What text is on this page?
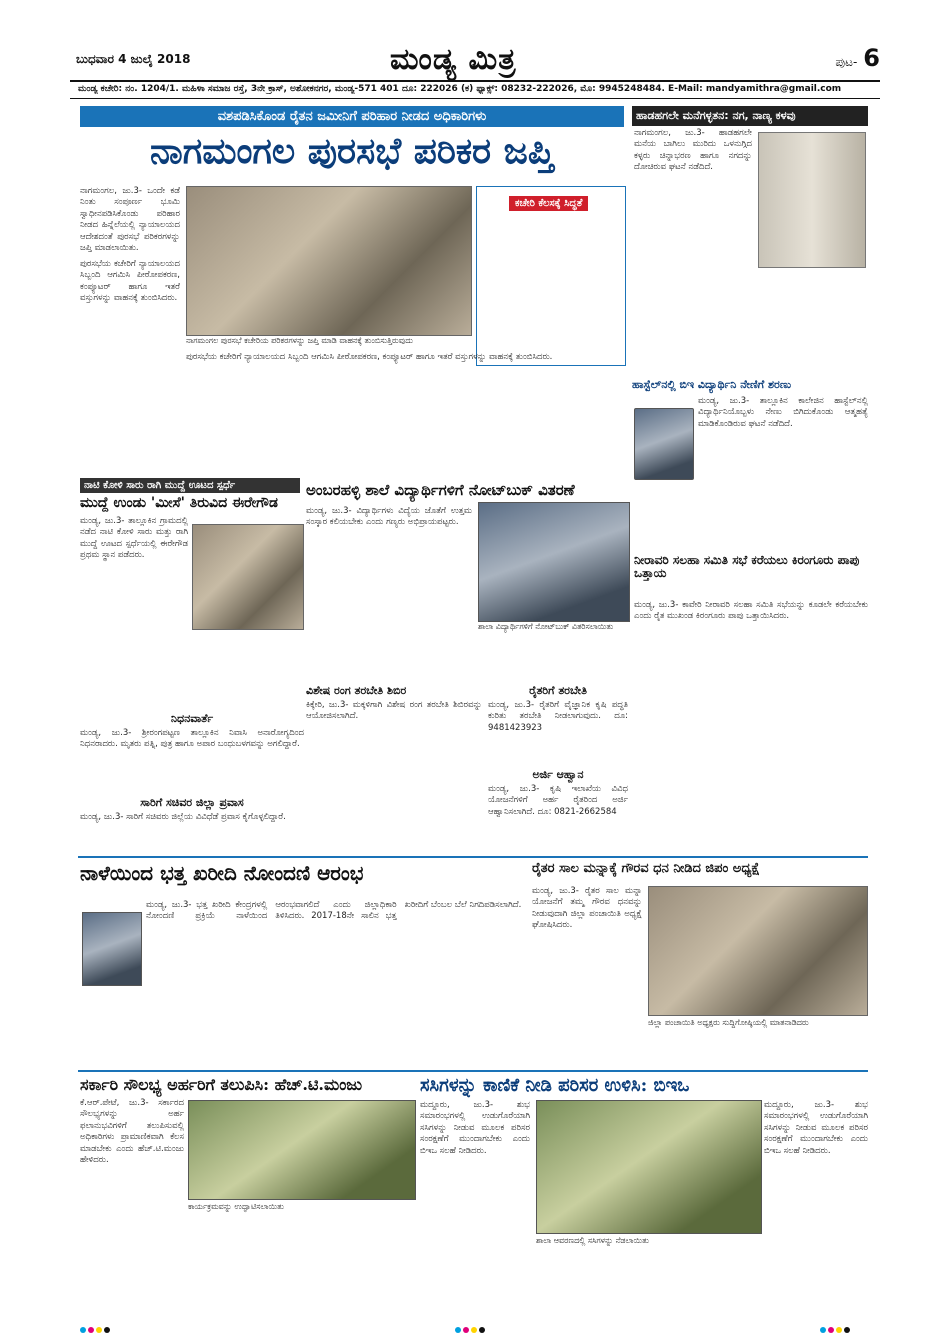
ಬುಧವಾರ 4 ಜುಲೈ 2018	ಮಂಡ್ಯ ಮಿತ್ರ	ಪುಟ- 6
ಮಂಡ್ಯ ಕಚೇರಿ: ನಂ. 1204/1. ಮಹಿಳಾ ಸಮಾಜ ರಸ್ತೆ, 3ನೇ ಕ್ರಾಸ್, ಅಶೋಕನಗರ, ಮಂಡ್ಯ-571 401 ದೂ: 222026 (ಕ) ಫ್ಯಾಕ್ಸ್: 08232-222026, ಮೊ: 9945248484. E-Mail: mandyamithra@gmail.com
ವಶಪಡಿಸಿಕೊಂಡ ರೈತನ ಜಮೀನಿಗೆ ಪರಿಹಾರ ನೀಡದ ಅಧಿಕಾರಿಗಳು
ನಾಗಮಂಗಲ ಪುರಸಭೆ ಪರಿಕರ ಜಪ್ತಿ

ನಾಗಮಂಗಲ, ಜು.3- ಒಂದೇ ಕಡೆ ನಿಂತು ಸಂಪೂರ್ಣ ಭೂಮಿ ಸ್ವಾಧೀನಪಡಿಸಿಕೊಂಡು ಪರಿಹಾರ ನೀಡದ ಹಿನ್ನೆಲೆಯಲ್ಲಿ ನ್ಯಾಯಾಲಯದ ಆದೇಶದಂತೆ ಪುರಸಭೆ ಪರಿಕರಗಳನ್ನು ಜಪ್ತಿ ಮಾಡಲಾಯಿತು.

ಪುರಸಭೆಯ ಕಚೇರಿಗೆ ನ್ಯಾಯಾಲಯದ ಸಿಬ್ಬಂದಿ ಆಗಮಿಸಿ ಪೀಠೋಪಕರಣ, ಕಂಪ್ಯೂಟರ್ ಹಾಗೂ ಇತರೆ ವಸ್ತುಗಳನ್ನು ವಾಹನಕ್ಕೆ ತುಂಬಿಸಿದರು.

ನಾಗಮಂಗಲ ಪುರಸಭೆ ಕಚೇರಿಯ ಪರಿಕರಗಳನ್ನು ಜಪ್ತಿ ಮಾಡಿ ವಾಹನಕ್ಕೆ ತುಂಬಿಸುತ್ತಿರುವುದು
ಕಚೇರಿ ಕೆಲಸಕ್ಕೆ ಸಿದ್ಧತೆ
ಪುರಸಭೆಯ ಕಚೇರಿಗೆ ನ್ಯಾಯಾಲಯದ ಸಿಬ್ಬಂದಿ ಆಗಮಿಸಿ ಪೀಠೋಪಕರಣ, ಕಂಪ್ಯೂಟರ್ ಹಾಗೂ ಇತರೆ ವಸ್ತುಗಳನ್ನು ವಾಹನಕ್ಕೆ ತುಂಬಿಸಿದರು.
ಹಾಡಹಗಲೇ ಮನೆಗಳ್ಳತನ: ನಗ, ನಾಣ್ಯ ಕಳವು
ನಾಗಮಂಗಲ, ಜು.3- ಹಾಡಹಗಲೇ ಮನೆಯ ಬಾಗಿಲು ಮುರಿದು ಒಳನುಗ್ಗಿದ ಕಳ್ಳರು ಚಿನ್ನಾಭರಣ ಹಾಗೂ ನಗದನ್ನು ದೋಚಿರುವ ಘಟನೆ ನಡೆದಿದೆ.
ಹಾಸ್ಟೆಲ್‌ನಲ್ಲಿ ಬಿಇ ವಿದ್ಯಾರ್ಥಿನಿ ನೇಣಿಗೆ ಶರಣು
ಮಂಡ್ಯ, ಜು.3- ತಾಲ್ಲೂಕಿನ ಕಾಲೇಜಿನ ಹಾಸ್ಟೆಲ್‌ನಲ್ಲಿ ವಿದ್ಯಾರ್ಥಿನಿಯೊಬ್ಬಳು ನೇಣು ಬಿಗಿದುಕೊಂಡು ಆತ್ಮಹತ್ಯೆ ಮಾಡಿಕೊಂಡಿರುವ ಘಟನೆ ನಡೆದಿದೆ.
ನಾಟಿ ಕೋಳಿ ಸಾರು ರಾಗಿ ಮುದ್ದೆ ಊಟದ ಸ್ಪರ್ಧೆ
ಮುದ್ದೆ ಉಂಡು 'ಮೀಸೆ' ತಿರುವಿದ ಈರೇಗೌಡ
ಮಂಡ್ಯ, ಜು.3- ತಾಲ್ಲೂಕಿನ ಗ್ರಾಮದಲ್ಲಿ ನಡೆದ ನಾಟಿ ಕೋಳಿ ಸಾರು ಮತ್ತು ರಾಗಿ ಮುದ್ದೆ ಊಟದ ಸ್ಪರ್ಧೆಯಲ್ಲಿ ಈರೇಗೌಡ ಪ್ರಥಮ ಸ್ಥಾನ ಪಡೆದರು.
ಅಂಬರಹಳ್ಳಿ ಶಾಲೆ ವಿದ್ಯಾರ್ಥಿಗಳಿಗೆ ನೋಟ್‌ಬುಕ್ ವಿತರಣೆ
ಮಂಡ್ಯ, ಜು.3- ವಿದ್ಯಾರ್ಥಿಗಳು ವಿದ್ಯೆಯ ಜೊತೆಗೆ ಉತ್ತಮ ಸಂಸ್ಕಾರ ಕಲಿಯಬೇಕು ಎಂದು ಗಣ್ಯರು ಅಭಿಪ್ರಾಯಪಟ್ಟರು.
ಶಾಲಾ ವಿದ್ಯಾರ್ಥಿಗಳಿಗೆ ನೋಟ್‌ಬುಕ್ ವಿತರಿಸಲಾಯಿತು
ನೀರಾವರಿ ಸಲಹಾ ಸಮಿತಿ ಸಭೆ ಕರೆಯಲು ಕಿರಂಗೂರು ಪಾಪು ಒತ್ತಾಯ
ಮಂಡ್ಯ, ಜು.3- ಕಾವೇರಿ ನೀರಾವರಿ ಸಲಹಾ ಸಮಿತಿ ಸಭೆಯನ್ನು ಕೂಡಲೇ ಕರೆಯಬೇಕು ಎಂದು ರೈತ ಮುಖಂಡ ಕಿರಂಗೂರು ಪಾಪು ಒತ್ತಾಯಿಸಿದರು.
ನಿಧನವಾರ್ತೆ
ಮಂಡ್ಯ, ಜು.3- ಶ್ರೀರಂಗಪಟ್ಟಣ ತಾಲ್ಲೂಕಿನ ನಿವಾಸಿ ಅನಾರೋಗ್ಯದಿಂದ ನಿಧನರಾದರು. ಮೃತರು ಪತ್ನಿ, ಪುತ್ರ ಹಾಗೂ ಅಪಾರ ಬಂಧುಬಳಗವನ್ನು ಅಗಲಿದ್ದಾರೆ.
ಸಾರಿಗೆ ಸಚಿವರ ಜಿಲ್ಲಾ ಪ್ರವಾಸ
ಮಂಡ್ಯ, ಜು.3- ಸಾರಿಗೆ ಸಚಿವರು ಜಿಲ್ಲೆಯ ವಿವಿಧೆಡೆ ಪ್ರವಾಸ ಕೈಗೊಳ್ಳಲಿದ್ದಾರೆ.
ವಿಶೇಷ ರಂಗ ತರಬೇತಿ ಶಿಬಿರ
ಕಿಕ್ಕೇರಿ, ಜು.3- ಮಕ್ಕಳಿಗಾಗಿ ವಿಶೇಷ ರಂಗ ತರಬೇತಿ ಶಿಬಿರವನ್ನು ಆಯೋಜಿಸಲಾಗಿದೆ.
ರೈತರಿಗೆ ತರಬೇತಿ
ಮಂಡ್ಯ, ಜು.3- ರೈತರಿಗೆ ವೈಜ್ಞಾನಿಕ ಕೃಷಿ ಪದ್ಧತಿ ಕುರಿತು ತರಬೇತಿ ನೀಡಲಾಗುವುದು. ದೂ: 9481423923
ಅರ್ಜಿ ಆಹ್ವಾನ
ಮಂಡ್ಯ, ಜು.3- ಕೃಷಿ ಇಲಾಖೆಯ ವಿವಿಧ ಯೋಜನೆಗಳಿಗೆ ಅರ್ಹ ರೈತರಿಂದ ಅರ್ಜಿ ಆಹ್ವಾನಿಸಲಾಗಿದೆ. ದೂ: 0821-2662584
ನಾಳೆಯಿಂದ ಭತ್ತ ಖರೀದಿ ನೋಂದಣಿ ಆರಂಭ
ಮಂಡ್ಯ, ಜು.3- ಭತ್ತ ಖರೀದಿ ಕೇಂದ್ರಗಳಲ್ಲಿ ನೋಂದಣಿ ಪ್ರಕ್ರಿಯೆ ನಾಳೆಯಿಂದ ಆರಂಭವಾಗಲಿದೆ ಎಂದು ಜಿಲ್ಲಾಧಿಕಾರಿ ತಿಳಿಸಿದರು. 2017-18ನೇ ಸಾಲಿನ ಭತ್ತ ಖರೀದಿಗೆ ಬೆಂಬಲ ಬೆಲೆ ನಿಗದಿಪಡಿಸಲಾಗಿದೆ.
ರೈತರ ಸಾಲ ಮನ್ನಾಕ್ಕೆ ಗೌರವ ಧನ ನೀಡಿದ ಜಿಪಂ ಅಧ್ಯಕ್ಷೆ
ಮಂಡ್ಯ, ಜು.3- ರೈತರ ಸಾಲ ಮನ್ನಾ ಯೋಜನೆಗೆ ತಮ್ಮ ಗೌರವ ಧನವನ್ನು ನೀಡುವುದಾಗಿ ಜಿಲ್ಲಾ ಪಂಚಾಯಿತಿ ಅಧ್ಯಕ್ಷೆ ಘೋಷಿಸಿದರು.
ಜಿಲ್ಲಾ ಪಂಚಾಯಿತಿ ಅಧ್ಯಕ್ಷರು ಸುದ್ದಿಗೋಷ್ಠಿಯಲ್ಲಿ ಮಾತನಾಡಿದರು
ಸರ್ಕಾರಿ ಸೌಲಭ್ಯ ಅರ್ಹರಿಗೆ ತಲುಪಿಸಿ: ಹೆಚ್.ಟಿ.ಮಂಜು
ಕೆ.ಆರ್.ಪೇಟೆ, ಜು.3- ಸರ್ಕಾರದ ಸೌಲಭ್ಯಗಳನ್ನು ಅರ್ಹ ಫಲಾನುಭವಿಗಳಿಗೆ ತಲುಪಿಸುವಲ್ಲಿ ಅಧಿಕಾರಿಗಳು ಪ್ರಾಮಾಣಿಕವಾಗಿ ಕೆಲಸ ಮಾಡಬೇಕು ಎಂದು ಹೆಚ್.ಟಿ.ಮಂಜು ಹೇಳಿದರು.
ಕಾರ್ಯಕ್ರಮವನ್ನು ಉದ್ಘಾಟಿಸಲಾಯಿತು
ಸಸಿಗಳನ್ನು ಕಾಣಿಕೆ ನೀಡಿ ಪರಿಸರ ಉಳಿಸಿ: ಬಿಇಒ
ಮದ್ದೂರು, ಜು.3- ಶುಭ ಸಮಾರಂಭಗಳಲ್ಲಿ ಉಡುಗೊರೆಯಾಗಿ ಸಸಿಗಳನ್ನು ನೀಡುವ ಮೂಲಕ ಪರಿಸರ ಸಂರಕ್ಷಣೆಗೆ ಮುಂದಾಗಬೇಕು ಎಂದು ಬಿಇಒ ಸಲಹೆ ನೀಡಿದರು.
ಶಾಲಾ ಆವರಣದಲ್ಲಿ ಸಸಿಗಳನ್ನು ನೆಡಲಾಯಿತು
ಮದ್ದೂರು, ಜು.3- ಶುಭ ಸಮಾರಂಭಗಳಲ್ಲಿ ಉಡುಗೊರೆಯಾಗಿ ಸಸಿಗಳನ್ನು ನೀಡುವ ಮೂಲಕ ಪರಿಸರ ಸಂರಕ್ಷಣೆಗೆ ಮುಂದಾಗಬೇಕು ಎಂದು ಬಿಇಒ ಸಲಹೆ ನೀಡಿದರು.
